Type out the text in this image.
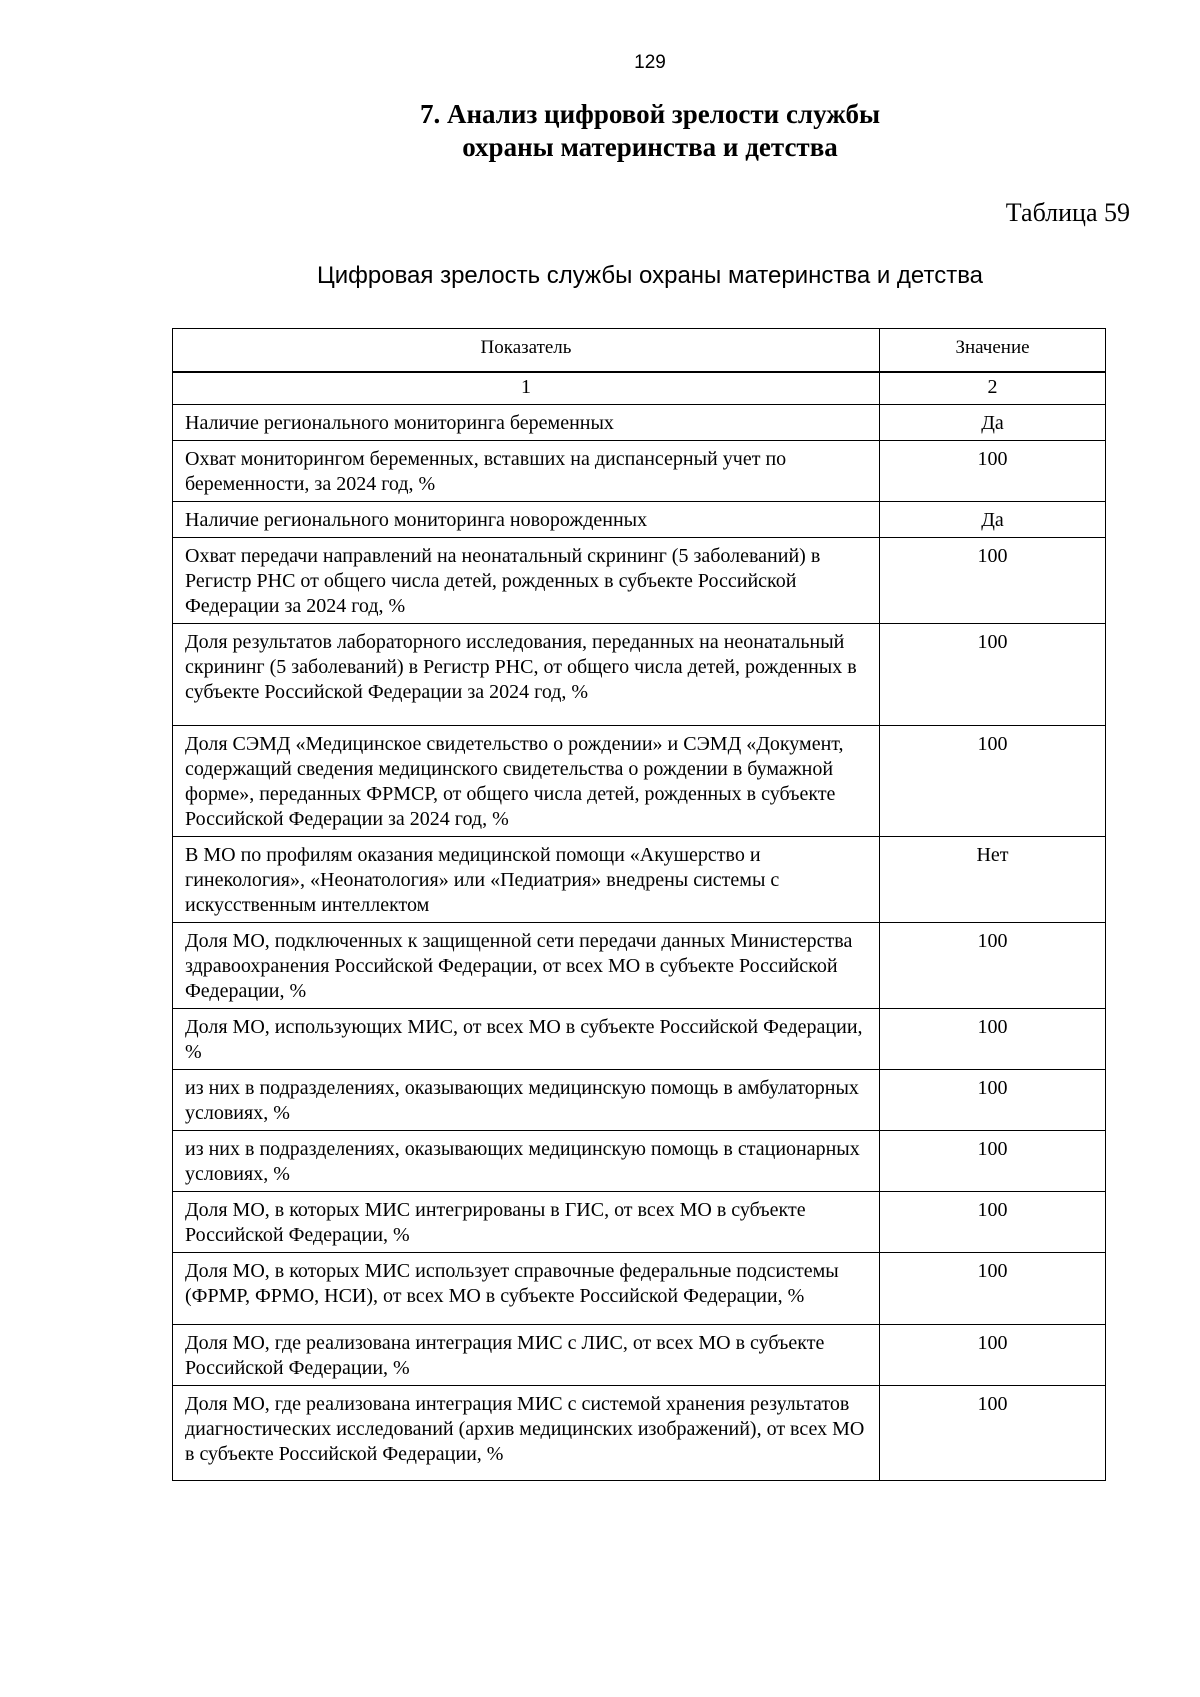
129
7. Анализ цифровой зрелости службы
охраны материнства и детства
Таблица 59
Цифровая зрелость службы охраны материнства и детства
Показатель	Значение
1	2
Наличие регионального мониторинга беременных	Да
Охват мониторингом беременных, вставших на диспансерный учет по беременности, за 2024 год, %	100
Наличие регионального мониторинга новорожденных	Да
Охват передачи направлений на неонатальный скрининг (5 заболеваний) в Регистр РНС от общего числа детей, рожденных в субъекте Российской Федерации за 2024 год, %	100
Доля результатов лабораторного исследования, переданных на неонатальный скрининг (5 заболеваний) в Регистр РНС, от общего числа детей, рожденных в субъекте Российской Федерации за 2024 год, %	100
Доля СЭМД «Медицинское свидетельство о рождении» и СЭМД «Документ, содержащий сведения медицинского свидетельства о рождении в бумажной форме», переданных ФРМСР, от общего числа детей, рожденных в субъекте Российской Федерации за 2024 год, %	100
В МО по профилям оказания медицинской помощи «Акушерство и гинекология», «Неонатология» или «Педиатрия» внедрены системы с искусственным интеллектом	Нет
Доля МО, подключенных к защищенной сети передачи данных Министерства здравоохранения Российской Федерации, от всех МО в субъекте Российской Федерации, %	100
Доля МО, использующих МИС, от всех МО в субъекте Российской Федерации, %	100
из них в подразделениях, оказывающих медицинскую помощь в амбулаторных условиях, %	100
из них в подразделениях, оказывающих медицинскую помощь в стационарных условиях, %	100
Доля МО, в которых МИС интегрированы в ГИС, от всех МО в субъекте Российской Федерации, %	100
Доля МО, в которых МИС использует справочные федеральные подсистемы (ФРМР, ФРМО, НСИ), от всех МО в субъекте Российской Федерации, %	100
Доля МО, где реализована интеграция МИС с ЛИС, от всех МО в субъекте Российской Федерации, %	100
Доля МО, где реализована интеграция МИС с системой хранения результатов диагностических исследований (архив медицинских изображений), от всех МО в субъекте Российской Федерации, %	100
